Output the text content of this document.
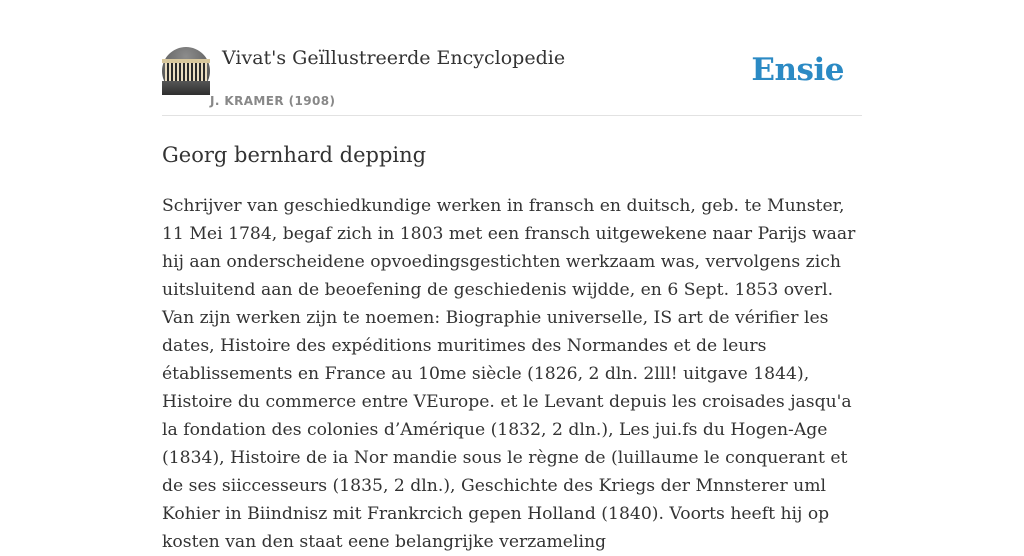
Vivat's Geïllustreerde Encyclopedie
J. KRAMER (1908)
Ensie
Georg bernhard depping

Schrijver van geschiedkundige werken in fransch en duitsch, geb. te Munster, 11 Mei 1784, begaf zich in 1803 met een fransch uitgewekene naar Parijs waar hij aan onderscheidene opvoedingsgestichten werkzaam was, vervolgens zich uitsluitend aan de beoefening de geschiedenis wijdde, en 6 Sept. 1853 overl. Van zijn werken zijn te noemen: Biographie universelle, IS art de vérifier les dates, Histoire des expéditions muritimes des Normandes et de leurs établissements en France au 10me siècle (1826, 2 dln. 2lll! uitgave 1844), Histoire du commerce entre VEurope. et le Levant depuis les croisades jasqu'a la fondation des colonies d’Amérique (1832, 2 dln.), Les jui.fs du Hogen-Age (1834), Histoire de ia Nor mandie sous le règne de (luillaume le conquerant et de ses siiccesseurs (1835, 2 dln.), Geschichte des Kriegs der Mnnsterer uml Kohier in Biindnisz mit Frankrcich gepen Holland (1840). Voorts heeft hij op kosten van den staat eene belangrijke verzameling
